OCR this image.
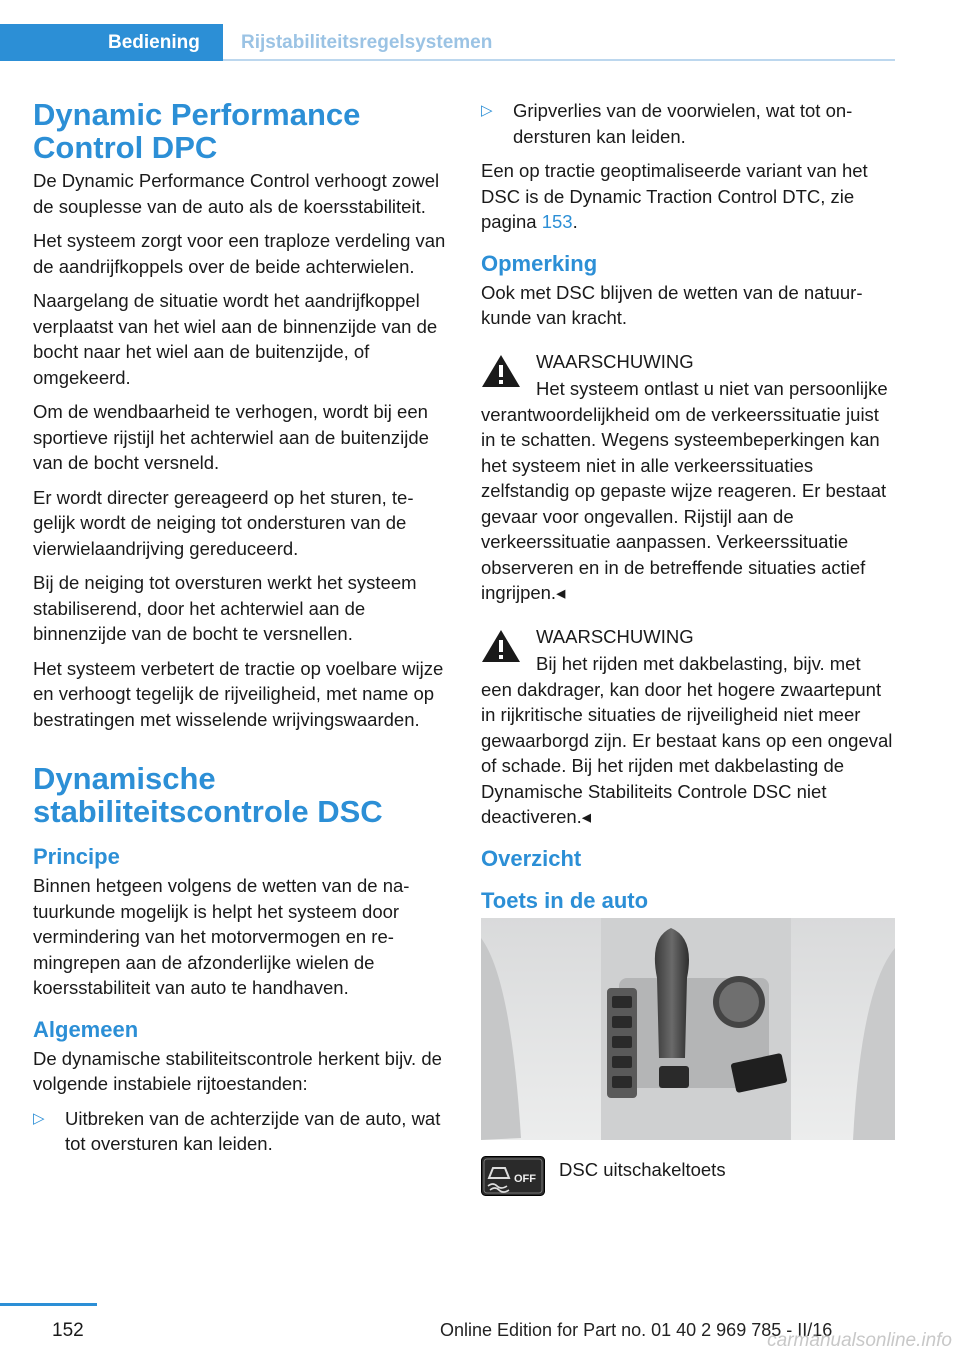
Bediening	Rijstabiliteitsregelsystemen
Dynamic Performance Control DPC

De Dynamic Performance Control verhoogt zowel de souplesse van de auto als de koersstabiliteit.

Het systeem zorgt voor een traploze verdeling van de aandrijfkoppels over de beide achterwielen.

Naargelang de situatie wordt het aandrijfkoppel verplaatst van het wiel aan de binnenzijde van de bocht naar het wiel aan de buitenzijde, of omgekeerd.

Om de wendbaarheid te verhogen, wordt bij een sportieve rijstijl het achterwiel aan de buitenzijde van de bocht versneld.

Er wordt directer gereageerd op het sturen, tegelijk wordt de neiging tot ondersturen van de vierwielaandrijving gereduceerd.

Bij de neiging tot oversturen werkt het systeem stabiliserend, door het achterwiel aan de binnenzijde van de bocht te versnellen.

Het systeem verbetert de tractie op voelbare wijze en verhoogt tegelijk de rijveiligheid, met name op bestratingen met wisselende wrijvingswaarden.

Dynamische stabiliteitscontrole DSC
Principe

Binnen hetgeen volgens de wetten van de natuurkunde mogelijk is helpt het systeem door vermindering van het motorvermogen en remingrepen aan de afzonderlijke wielen de koersstabiliteit van auto te handhaven.

Algemeen

De dynamische stabiliteitscontrole herkent bijv. de volgende instabiele rijtoestanden:

▷ Uitbreken van de achterzijde van de auto, wat tot oversturen kan leiden.
▷ Gripverlies van de voorwielen, wat tot ondersturen kan leiden.

Een op tractie geoptimaliseerde variant van het DSC is de Dynamic Traction Control DTC, zie pagina 153.

Opmerking

Ook met DSC blijven de wetten van de natuurkunde van kracht.

WAARSCHUWING
Het systeem ontlast u niet van persoonlijke verantwoordelijkheid om de verkeerssituatie juist in te schatten. Wegens systeembeperkingen kan het systeem niet in alle verkeerssituaties zelfstandig op gepaste wijze reageren. Er bestaat gevaar voor ongevallen. Rijstijl aan de verkeerssituatie aanpassen. Verkeerssituatie observeren en in de betreffende situaties actief ingrijpen.◂
WAARSCHUWING
Bij het rijden met dakbelasting, bijv. met een dakdrager, kan door het hogere zwaartepunt in rijkritische situaties de rijveiligheid niet meer gewaarborgd zijn. Er bestaat kans op een ongeval of schade. Bij het rijden met dakbelasting de Dynamische Stabiliteits Controle DSC niet deactiveren.◂
Overzicht
Toets in de auto
OFF DSC uitschakeltoets
152	Online Edition for Part no. 01 40 2 969 785 - II/16
carmanualsonline.info
